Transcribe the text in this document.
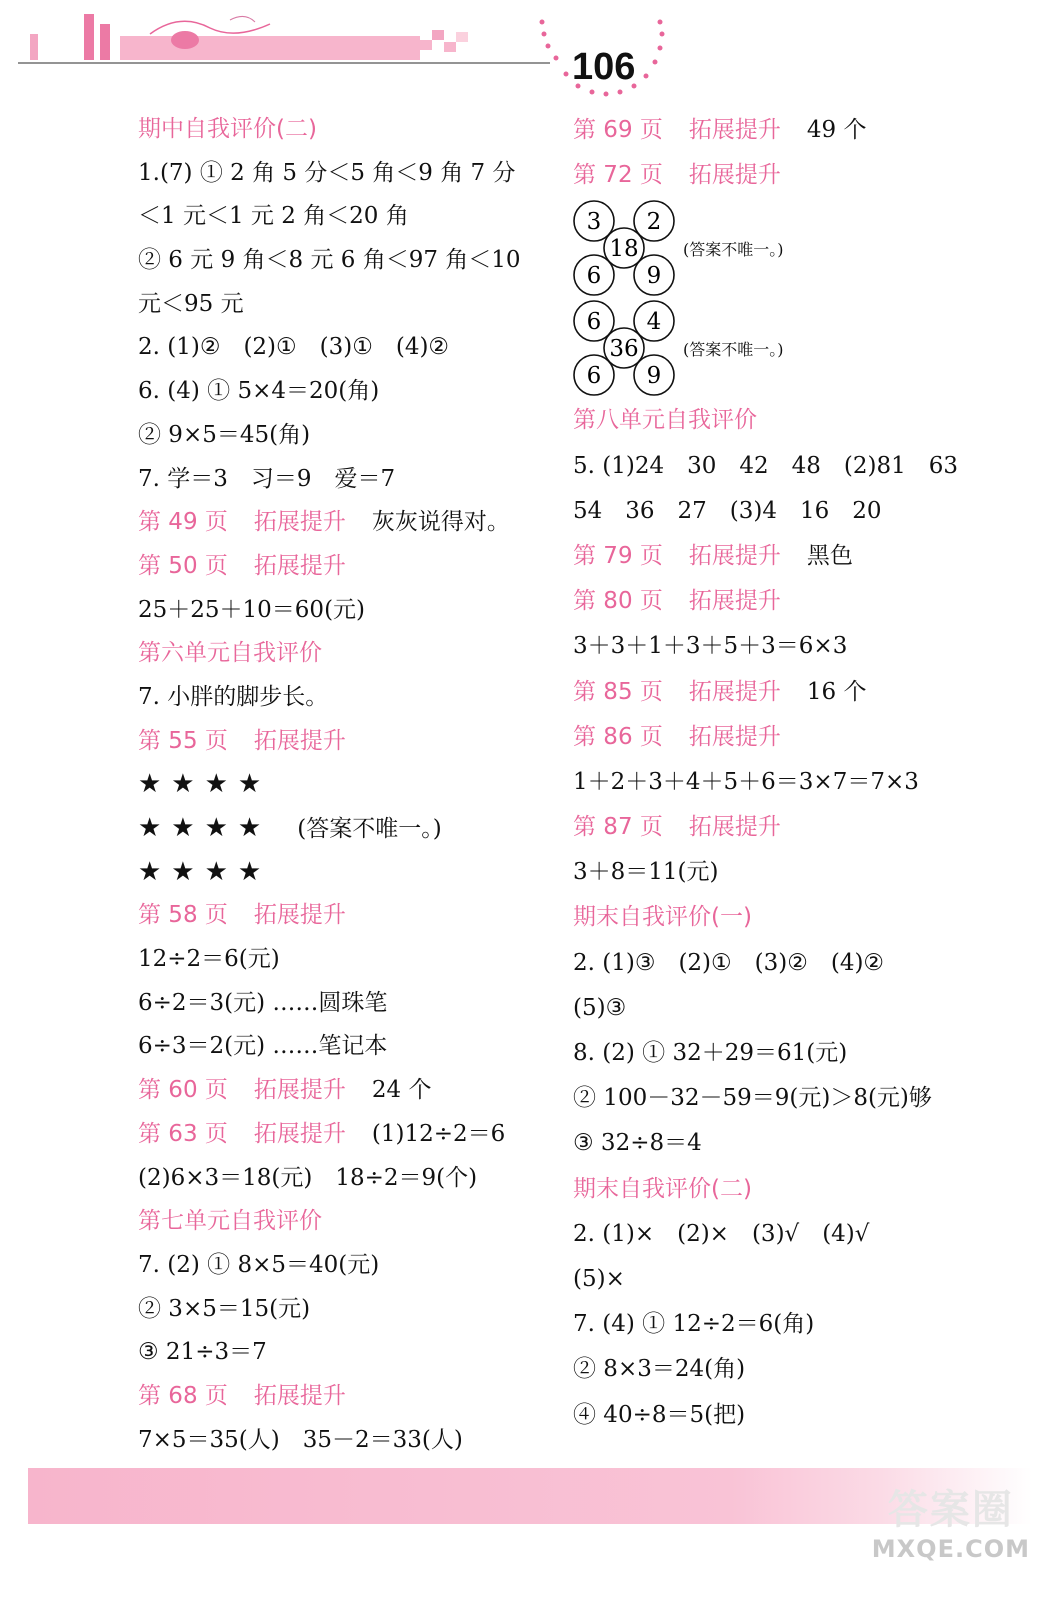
106
期中自我评价(二)
1.(7) ① 2 角 5 分＜5 角＜9 角 7 分
＜1 元＜1 元 2 角＜20 角
② 6 元 9 角＜8 元 6 角＜97 角＜10
元＜95 元
2. (1)②　(2)①　(3)①　(4)②
6. (4) ① 5×4＝20(角)
② 9×5＝45(角)
7. 学＝3　习＝9　爱＝7
第 49 页 拓展提升 灰灰说得对。
第 50 页 拓展提升
25＋25＋10＝60(元)
第六单元自我评价
7. 小胖的脚步长。
第 55 页 拓展提升
★★★★
★★★★ (答案不唯一。)
★★★★
第 58 页 拓展提升
12÷2＝6(元)
6÷2＝3(元) ……圆珠笔
6÷3＝2(元) ……笔记本
第 60 页 拓展提升 24 个
第 63 页 拓展提升 (1)12÷2＝6
(2)6×3＝18(元)　18÷2＝9(个)
第七单元自我评价
7. (2) ① 8×5＝40(元)
② 3×5＝15(元)
③ 21÷3＝7
第 68 页 拓展提升
7×5＝35(人)　35－2＝33(人)
第 69 页 拓展提升 49 个
第 72 页 拓展提升
3 2
6 9
18	(答案不唯一。)
6 4
6 9
36	(答案不唯一。)
第八单元自我评价
5. (1)24　30　42　48　(2)81　63
54　36　27　(3)4　16　20
第 79 页 拓展提升 黑色
第 80 页 拓展提升
3＋3＋1＋3＋5＋3＝6×3
第 85 页 拓展提升 16 个
第 86 页 拓展提升
1＋2＋3＋4＋5＋6＝3×7＝7×3
第 87 页 拓展提升
3＋8＝11(元)
期末自我评价(一)
2. (1)③　(2)①　(3)②　(4)②
(5)③
8. (2) ① 32＋29＝61(元)
② 100－32－59＝9(元)＞8(元)够
③ 32÷8＝4
期末自我评价(二)
2. (1)×　(2)×　(3)√　(4)√
(5)×
7. (4) ① 12÷2＝6(角)
② 8×3＝24(角)
④ 40÷8＝5(把)
答案圈
MXQE.COM
